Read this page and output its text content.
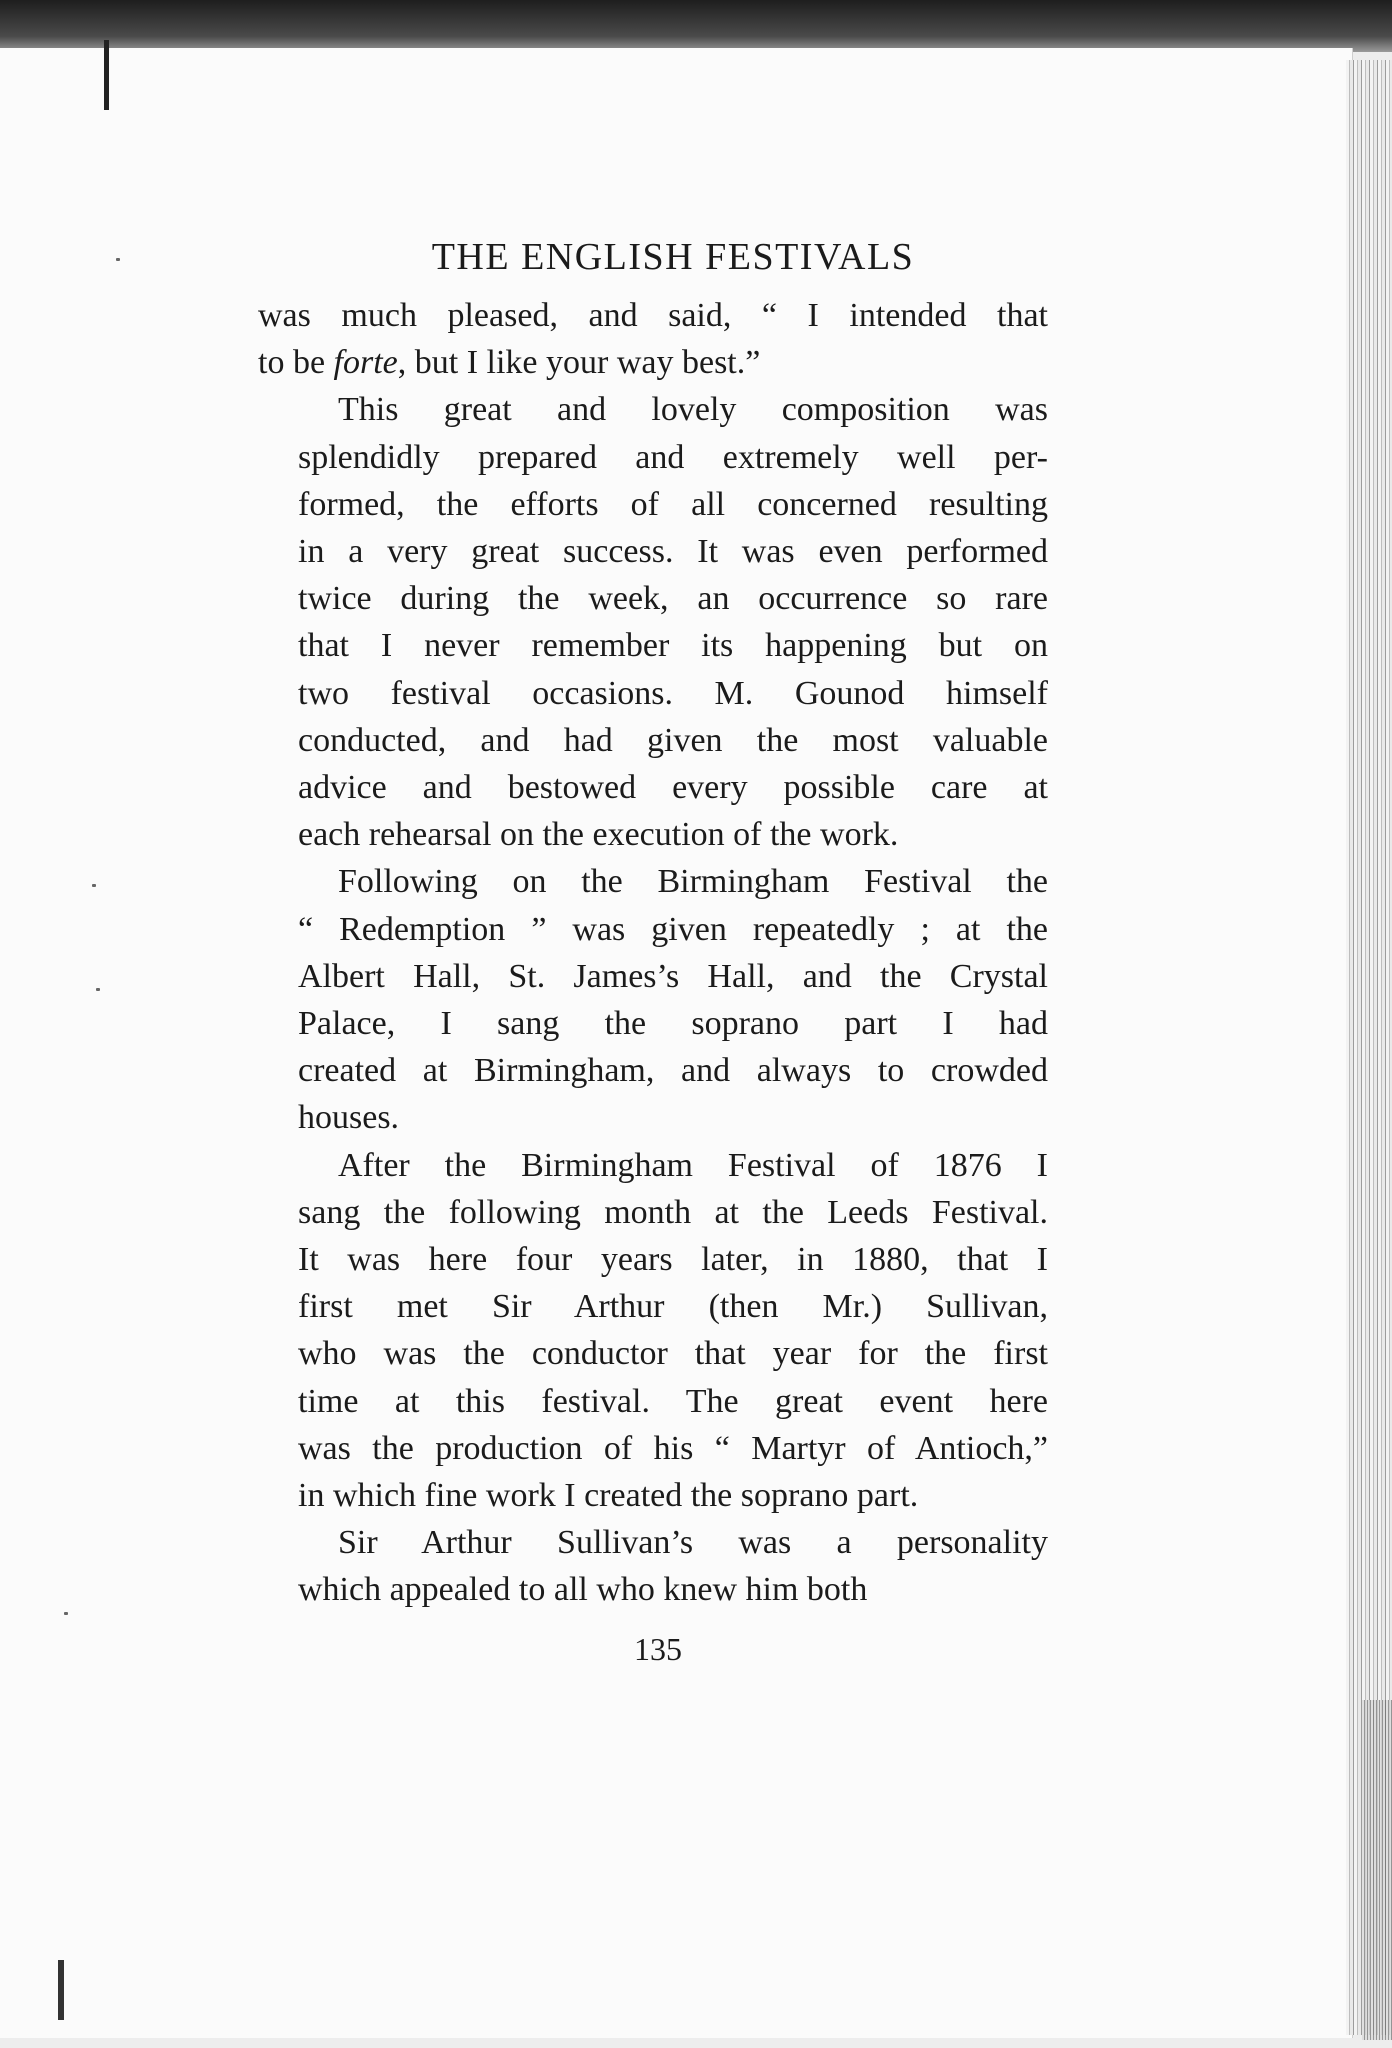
THE ENGLISH FESTIVALS
was much pleased, and said, “ I intended that
to be forte, but I like your way best.”
This great and lovely composition was
splendidly prepared and extremely well per-
formed, the efforts of all concerned resulting
in a very great success. It was even performed
twice during the week, an occurrence so rare
that I never remember its happening but on
two festival occasions. M. Gounod himself
conducted, and had given the most valuable
advice and bestowed every possible care at
each rehearsal on the execution of the work.
Following on the Birmingham Festival the
“ Redemption ” was given repeatedly ; at the
Albert Hall, St. James’s Hall, and the Crystal
Palace, I sang the soprano part I had
created at Birmingham, and always to crowded
houses.
After the Birmingham Festival of 1876 I
sang the following month at the Leeds Festival.
It was here four years later, in 1880, that I
first met Sir Arthur (then Mr.) Sullivan,
who was the conductor that year for the first
time at this festival. The great event here
was the production of his “ Martyr of Antioch,”
in which fine work I created the soprano part.
Sir Arthur Sullivan’s was a personality
which appealed to all who knew him both
135
